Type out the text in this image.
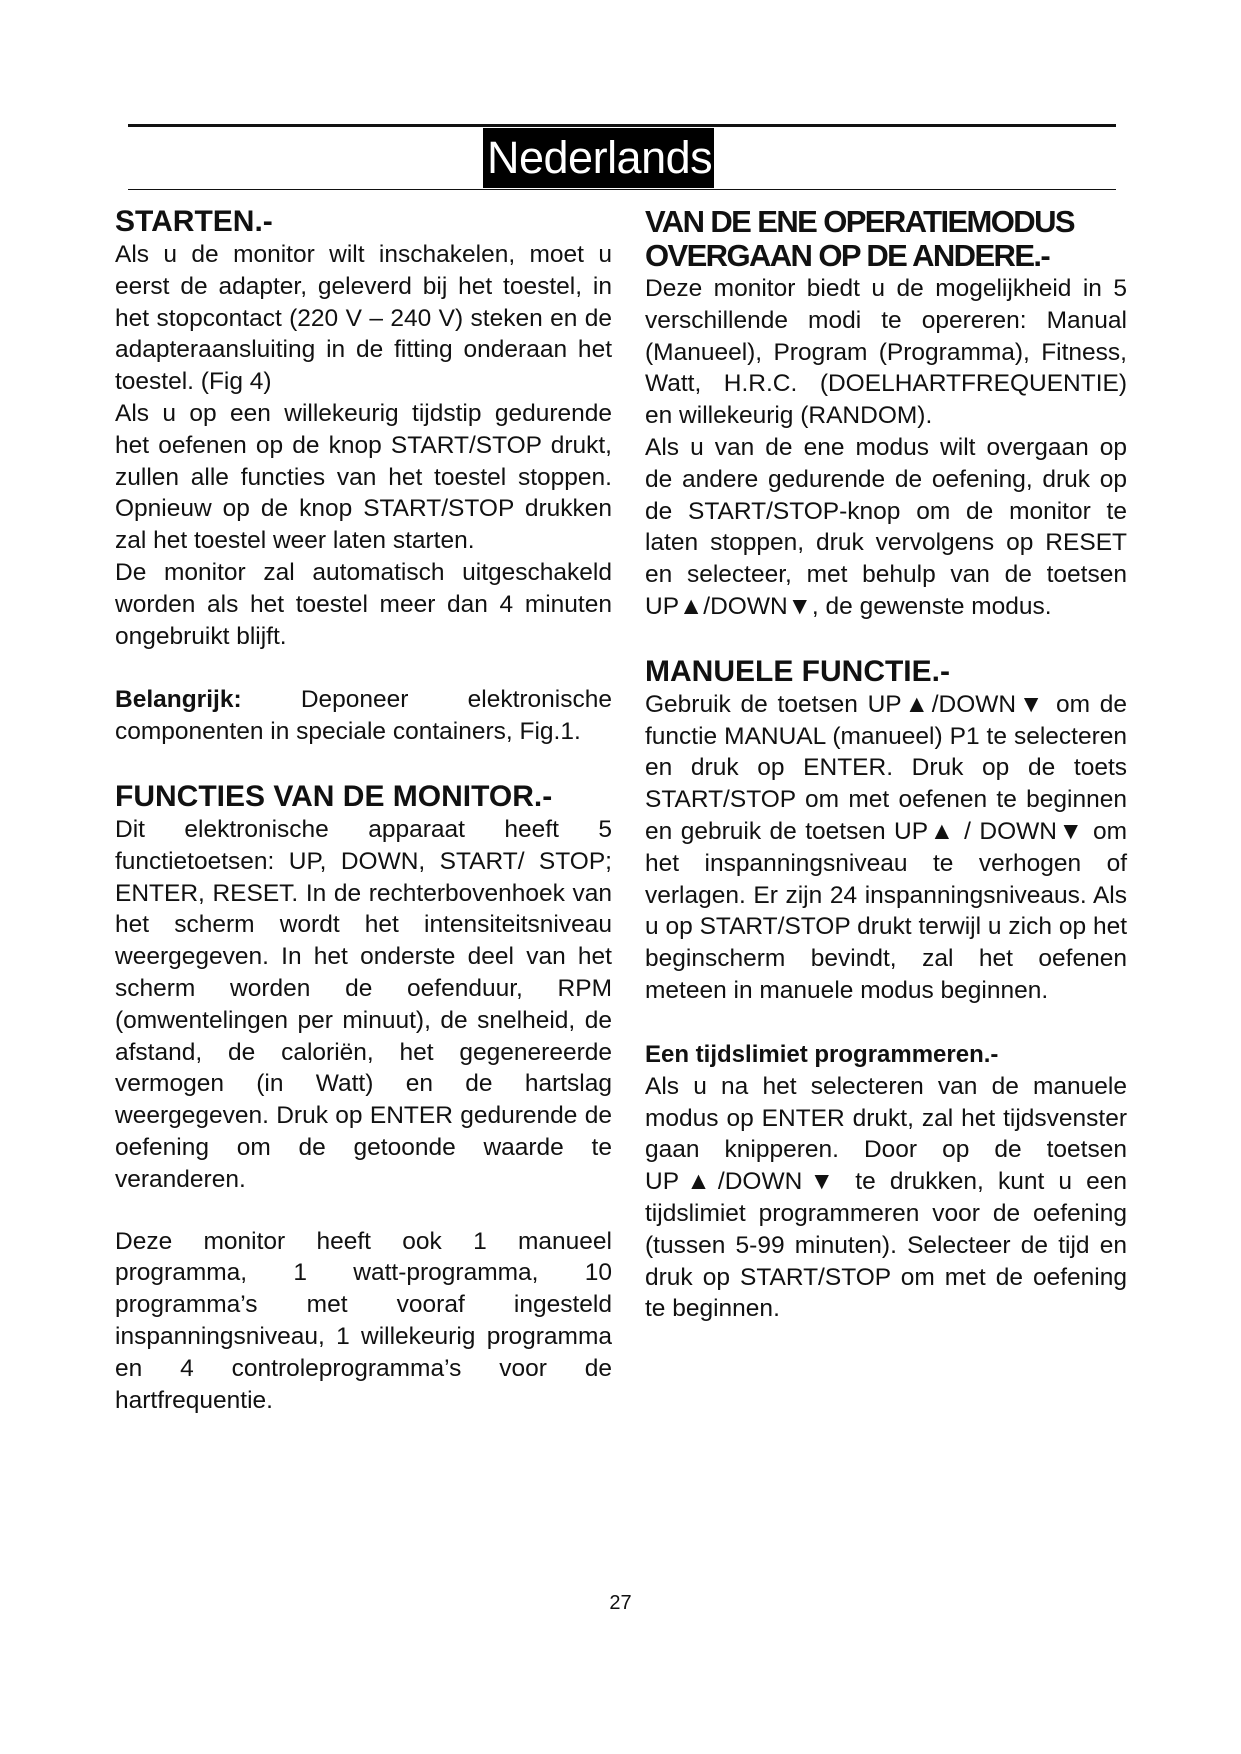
Nederlands
STARTEN.-

Als u de monitor wilt inschakelen, moet u eerst de adapter, geleverd bij het toestel, in het stopcontact (220 V – 240 V) steken en de adapteraansluiting in de fitting onderaan het toestel. (Fig 4)

Als u op een willekeurig tijdstip gedurende het oefenen op de knop START/STOP drukt, zullen alle functies van het toestel stoppen. Opnieuw op de knop START/STOP drukken zal het toestel weer laten starten.

De monitor zal automatisch uitgeschakeld worden als het toestel meer dan 4 minuten ongebruikt blijft.

Belangrijk: Deponeer elektronische componenten in speciale containers, Fig.1.

FUNCTIES VAN DE MONITOR.-

Dit elektronische apparaat heeft 5 functietoetsen: UP, DOWN, START/ STOP; ENTER, RESET. In de rechterbovenhoek van het scherm wordt het intensiteitsniveau weergegeven. In het onderste deel van het scherm worden de oefenduur, RPM (omwentelingen per minuut), de snelheid, de afstand, de caloriën, het gegenereerde vermogen (in Watt) en de hartslag weergegeven. Druk op ENTER gedurende de oefening om de getoonde waarde te veranderen.

Deze monitor heeft ook 1 manueel programma, 1 watt-programma, 10 programma’s met vooraf ingesteld inspanningsniveau, 1 willekeurig programma en 4 controleprogramma’s voor de hartfrequentie.

VAN DE ENE OPERATIEMODUS OVERGAAN OP DE ANDERE.-

Deze monitor biedt u de mogelijkheid in 5 verschillende modi te opereren: Manual (Manueel), Program (Programma), Fitness, Watt, H.R.C. (DOELHARTFREQUENTIE) en willekeurig (RANDOM).

Als u van de ene modus wilt overgaan op de andere gedurende de oefening, druk op de START/STOP-knop om de monitor te laten stoppen, druk vervolgens op RESET en selecteer, met behulp van de toetsen UP▲/DOWN▼, de gewenste modus.

MANUELE FUNCTIE.-

Gebruik de toetsen UP▲/DOWN▼ om de functie MANUAL (manueel) P1 te selecteren en druk op ENTER. Druk op de toets START/STOP om met oefenen te beginnen en gebruik de toetsen UP▲ / DOWN▼ om het inspanningsniveau te verhogen of verlagen. Er zijn 24 inspanningsniveaus. Als u op START/STOP drukt terwijl u zich op het beginscherm bevindt, zal het oefenen meteen in manuele modus beginnen.

Een tijdslimiet programmeren.-

Als u na het selecteren van de manuele modus op ENTER drukt, zal het tijdsvenster gaan knipperen. Door op de toetsen UP▲/DOWN▼ te drukken, kunt u een tijdslimiet programmeren voor de oefening (tussen 5-99 minuten). Selecteer de tijd en druk op START/STOP om met de oefening te beginnen.

27
